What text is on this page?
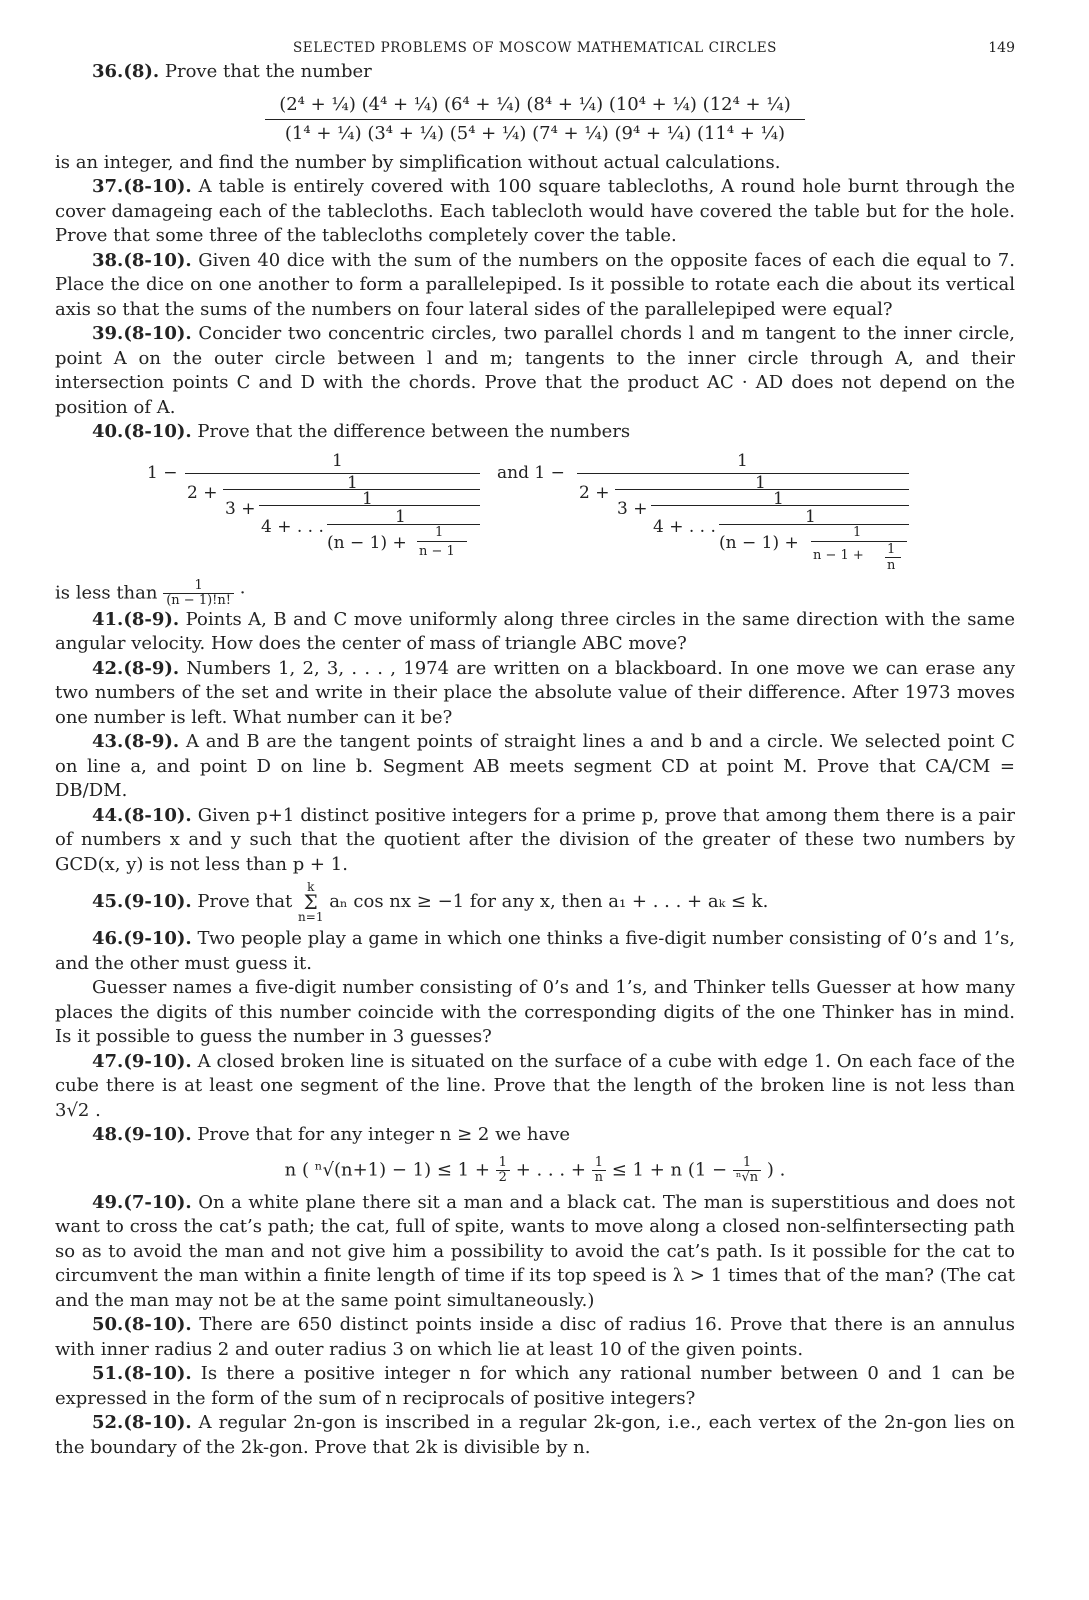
SELECTED PROBLEMS OF MOSCOW MATHEMATICAL CIRCLES	149

36.(8). Prove that the number

(2⁴ + ¼) (4⁴ + ¼) (6⁴ + ¼) (8⁴ + ¼) (10⁴ + ¼) (12⁴ + ¼)
(1⁴ + ¼) (3⁴ + ¼) (5⁴ + ¼) (7⁴ + ¼) (9⁴ + ¼) (11⁴ + ¼)

is an integer, and find the number by simplification without actual calculations.

37.(8-10). A table is entirely covered with 100 square tablecloths, A round hole burnt through the cover damageing each of the tablecloths. Each tablecloth would have covered the table but for the hole. Prove that some three of the tablecloths completely cover the table.

38.(8-10). Given 40 dice with the sum of the numbers on the opposite faces of each die equal to 7. Place the dice on one another to form a parallelepiped. Is it possible to rotate each die about its vertical axis so that the sums of the numbers on four lateral sides of the parallelepiped were equal?

39.(8-10). Concider two concentric circles, two parallel chords l and m tangent to the inner circle, point A on the outer circle between l and m; tangents to the inner circle through A, and their intersection points C and D with the chords. Prove that the product AC · AD does not depend on the position of A.

40.(8-10). Prove that the difference between the numbers

1 −
1
2 +	1
3 +	1
4 + . . .	1
(n − 1) +
1
n − 1
and 1 −
1
2 +	1
3 +	1
4 + . . .	1
(n − 1) +
1
n − 1 + 1
n

is less than $\frac{1}{(n - 1)!n!}$ ·

41.(8-9). Points A, B and C move uniformly along three circles in the same direction with the same angular velocity. How does the center of mass of triangle ABC move?

42.(8-9). Numbers 1, 2, 3, . . . , 1974 are written on a blackboard. In one move we can erase any two numbers of the set and write in their place the absolute value of their difference. After 1973 moves one number is left. What number can it be?

43.(8-9). A and B are the tangent points of straight lines a and b and a circle. We selected point C on line a, and point D on line b. Segment AB meets segment CD at point M. Prove that CA/CM = DB/DM.

44.(8-10). Given p+1 distinct positive integers for a prime p, prove that among them there is a pair of numbers x and y such that the quotient after the division of the greater of these two numbers by GCD(x, y) is not less than p + 1.

45.(9-10). Prove that
k
Σ
n=1
aₙ cos nx ≥ −1 for any x, then a₁ + . . . + aₖ ≤ k.

46.(9-10). Two people play a game in which one thinks a five-digit number consisting of 0’s and 1’s, and the other must guess it.

Guesser names a five-digit number consisting of 0’s and 1’s, and Thinker tells Guesser at how many places the digits of this number coincide with the corresponding digits of the one Thinker has in mind. Is it possible to guess the number in 3 guesses?

47.(9-10). A closed broken line is situated on the surface of a cube with edge 1. On each face of the cube there is at least one segment of the line. Prove that the length of the broken line is not less than 3√2 .

48.(9-10). Prove that for any integer n ≥ 2 we have

n ( $^n√(n+1) - 1) \le 1 + \frac{1}{2}$ + . . . + $\frac{1}{n} \le 1 + n$ ($1 - \frac{1}{\text{ⁿ√n}}$ ) .

49.(7-10). On a white plane there sit a man and a black cat. The man is superstitious and does not want to cross the cat’s path; the cat, full of spite, wants to move along a closed non-selfintersecting path so as to avoid the man and not give him a possibility to avoid the cat’s path. Is it possible for the cat to circumvent the man within a finite length of time if its top speed is λ > 1 times that of the man? (The cat and the man may not be at the same point simultaneously.)

50.(8-10). There are 650 distinct points inside a disc of radius 16. Prove that there is an annulus with inner radius 2 and outer radius 3 on which lie at least 10 of the given points.

51.(8-10). Is there a positive integer n for which any rational number between 0 and 1 can be expressed in the form of the sum of n reciprocals of positive integers?

52.(8-10). A regular 2n-gon is inscribed in a regular 2k-gon, i.e., each vertex of the 2n-gon lies on the boundary of the 2k-gon. Prove that 2k is divisible by n.
